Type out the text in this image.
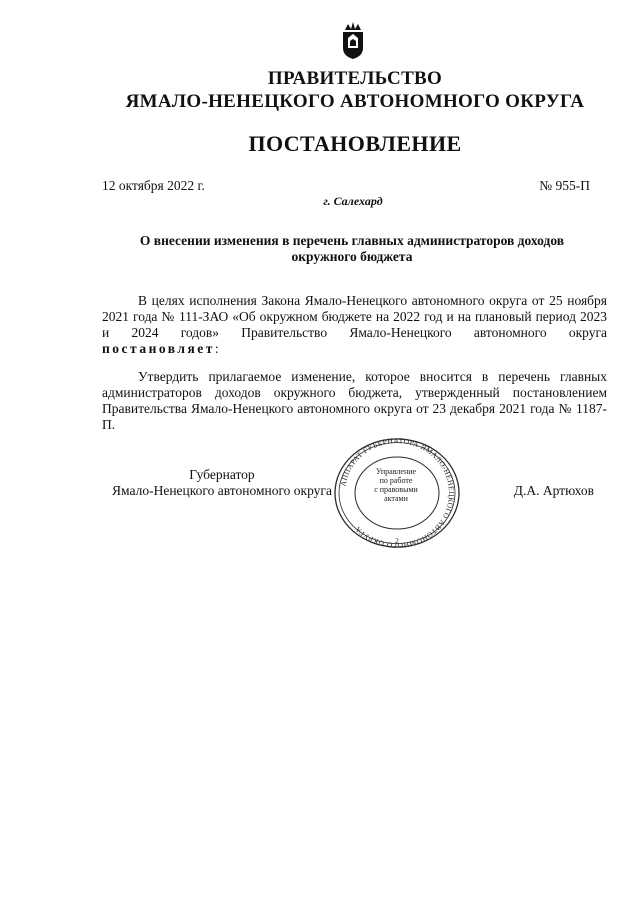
ПРАВИТЕЛЬСТВО
ЯМАЛО-НЕНЕЦКОГО АВТОНОМНОГО ОКРУГА
ПОСТАНОВЛЕНИЕ
12 октября 2022 г.	№ 955-П
г. Салехард
О внесении изменения в перечень главных администраторов доходов окружного бюджета

В целях исполнения Закона Ямало-Ненецкого автономного округа от 25 ноября 2021 года № 111-ЗАО «Об окружном бюджете на 2022 год и на плановый период 2023 и 2024 годов» Правительство Ямало-Ненецкого автономного округа постановляет:

Утвердить прилагаемое изменение, которое вносится в перечень главных администраторов доходов окружного бюджета, утвержденный постановлением Правительства Ямало-Ненецкого автономного округа от 23 декабря 2021 года № 1187-П.

Губернатор
Ямало-Ненецкого автономного округа	Д.А. Артюхов
АППАРАТ ГУБЕРНАТОРА ЯМАЛО-НЕНЕЦКОГО АВТОНОМНОГО ОКРУГА
2
Управление
по работе
с правовыми
актами
